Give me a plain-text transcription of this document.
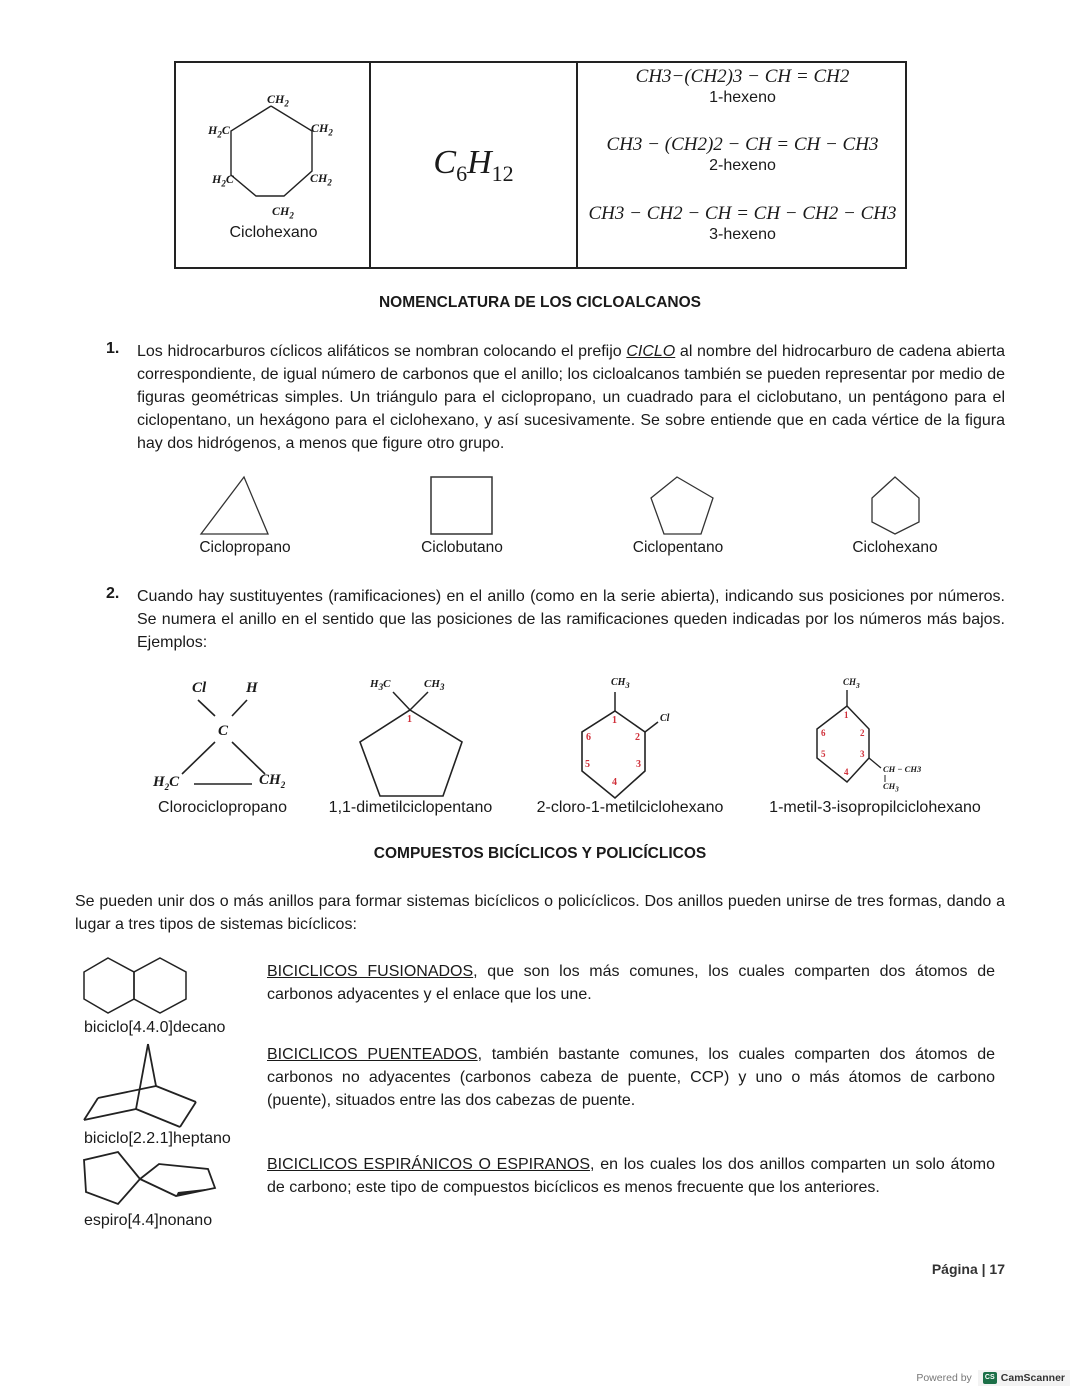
$CH_2$
$H_2C$	$CH_2$
$H_2C$	$CH_2$
$CH_2$
Ciclohexano
$C_6H_{12}$
CH3−(CH2)3 − CH = CH2
1-hexeno
CH3 − (CH2)2 − CH = CH − CH3
2-hexeno
CH3 − CH2 − CH = CH − CH2 − CH3
3-hexeno
NOMENCLATURA DE LOS CICLOALCANOS
1. Los hidrocarburos cíclicos alifáticos se nombran colocando el prefijo CICLO al nombre del hidrocarburo de cadena abierta correspondiente, de igual número de carbonos que el anillo; los cicloalcanos también se pueden representar por medio de figuras geométricas simples. Un triángulo para el ciclopropano, un cuadrado para el ciclobutano, un pentágono para el ciclopentano, un hexágono para el ciclohexano, y así sucesivamente. Se sobre entiende que en cada vértice de la figura hay dos hidrógenos, a menos que figure otro grupo.
Ciclopropano	Ciclobutano	Ciclopentano	Ciclohexano
2. Cuando hay sustituyentes (ramificaciones) en el anillo (como en la serie abierta), indicando sus posiciones por números. Se numera el anillo en el sentido que las posiciones de las ramificaciones queden indicadas por los números más bajos. Ejemplos:
Cl	H
C
$H_2C$	$CH_2$
Clorociclopropano
$H_3C$	$CH_3$
1
1,1-dimetilciclopentano
$CH_3$
Cl
1
2
3
4
5
6
2-cloro-1-metilciclohexano
$CH_3$
CH − CH3
$CH_3$
1
2
3
4
5
6
1-metil-3-isopropilciclohexano
COMPUESTOS BICÍCLICOS Y POLICÍCLICOS
Se pueden unir dos o más anillos para formar sistemas bicíclicos o policíclicos. Dos anillos pueden unirse de tres formas, dando a lugar a tres tipos de sistemas bicíclicos:
biciclo[4.4.0]decano
biciclo[2.2.1]heptano
espiro[4.4]nonano
BICICLICOS FUSIONADOS, que son los más comunes, los cuales comparten dos átomos de carbonos adyacentes y el enlace que los une.
BICICLICOS PUENTEADOS, también bastante comunes, los cuales comparten dos átomos de carbonos no adyacentes (carbonos cabeza de puente, CCP) y uno o más átomos de carbono (puente), situados entre las dos cabezas de puente.
BICICLICOS ESPIRÁNICOS O ESPIRANOS, en los cuales los dos anillos comparten un solo átomo de carbono; este tipo de compuestos bicíclicos es menos frecuente que los anteriores.
Página | 17
Powered by	CS CamScanner
